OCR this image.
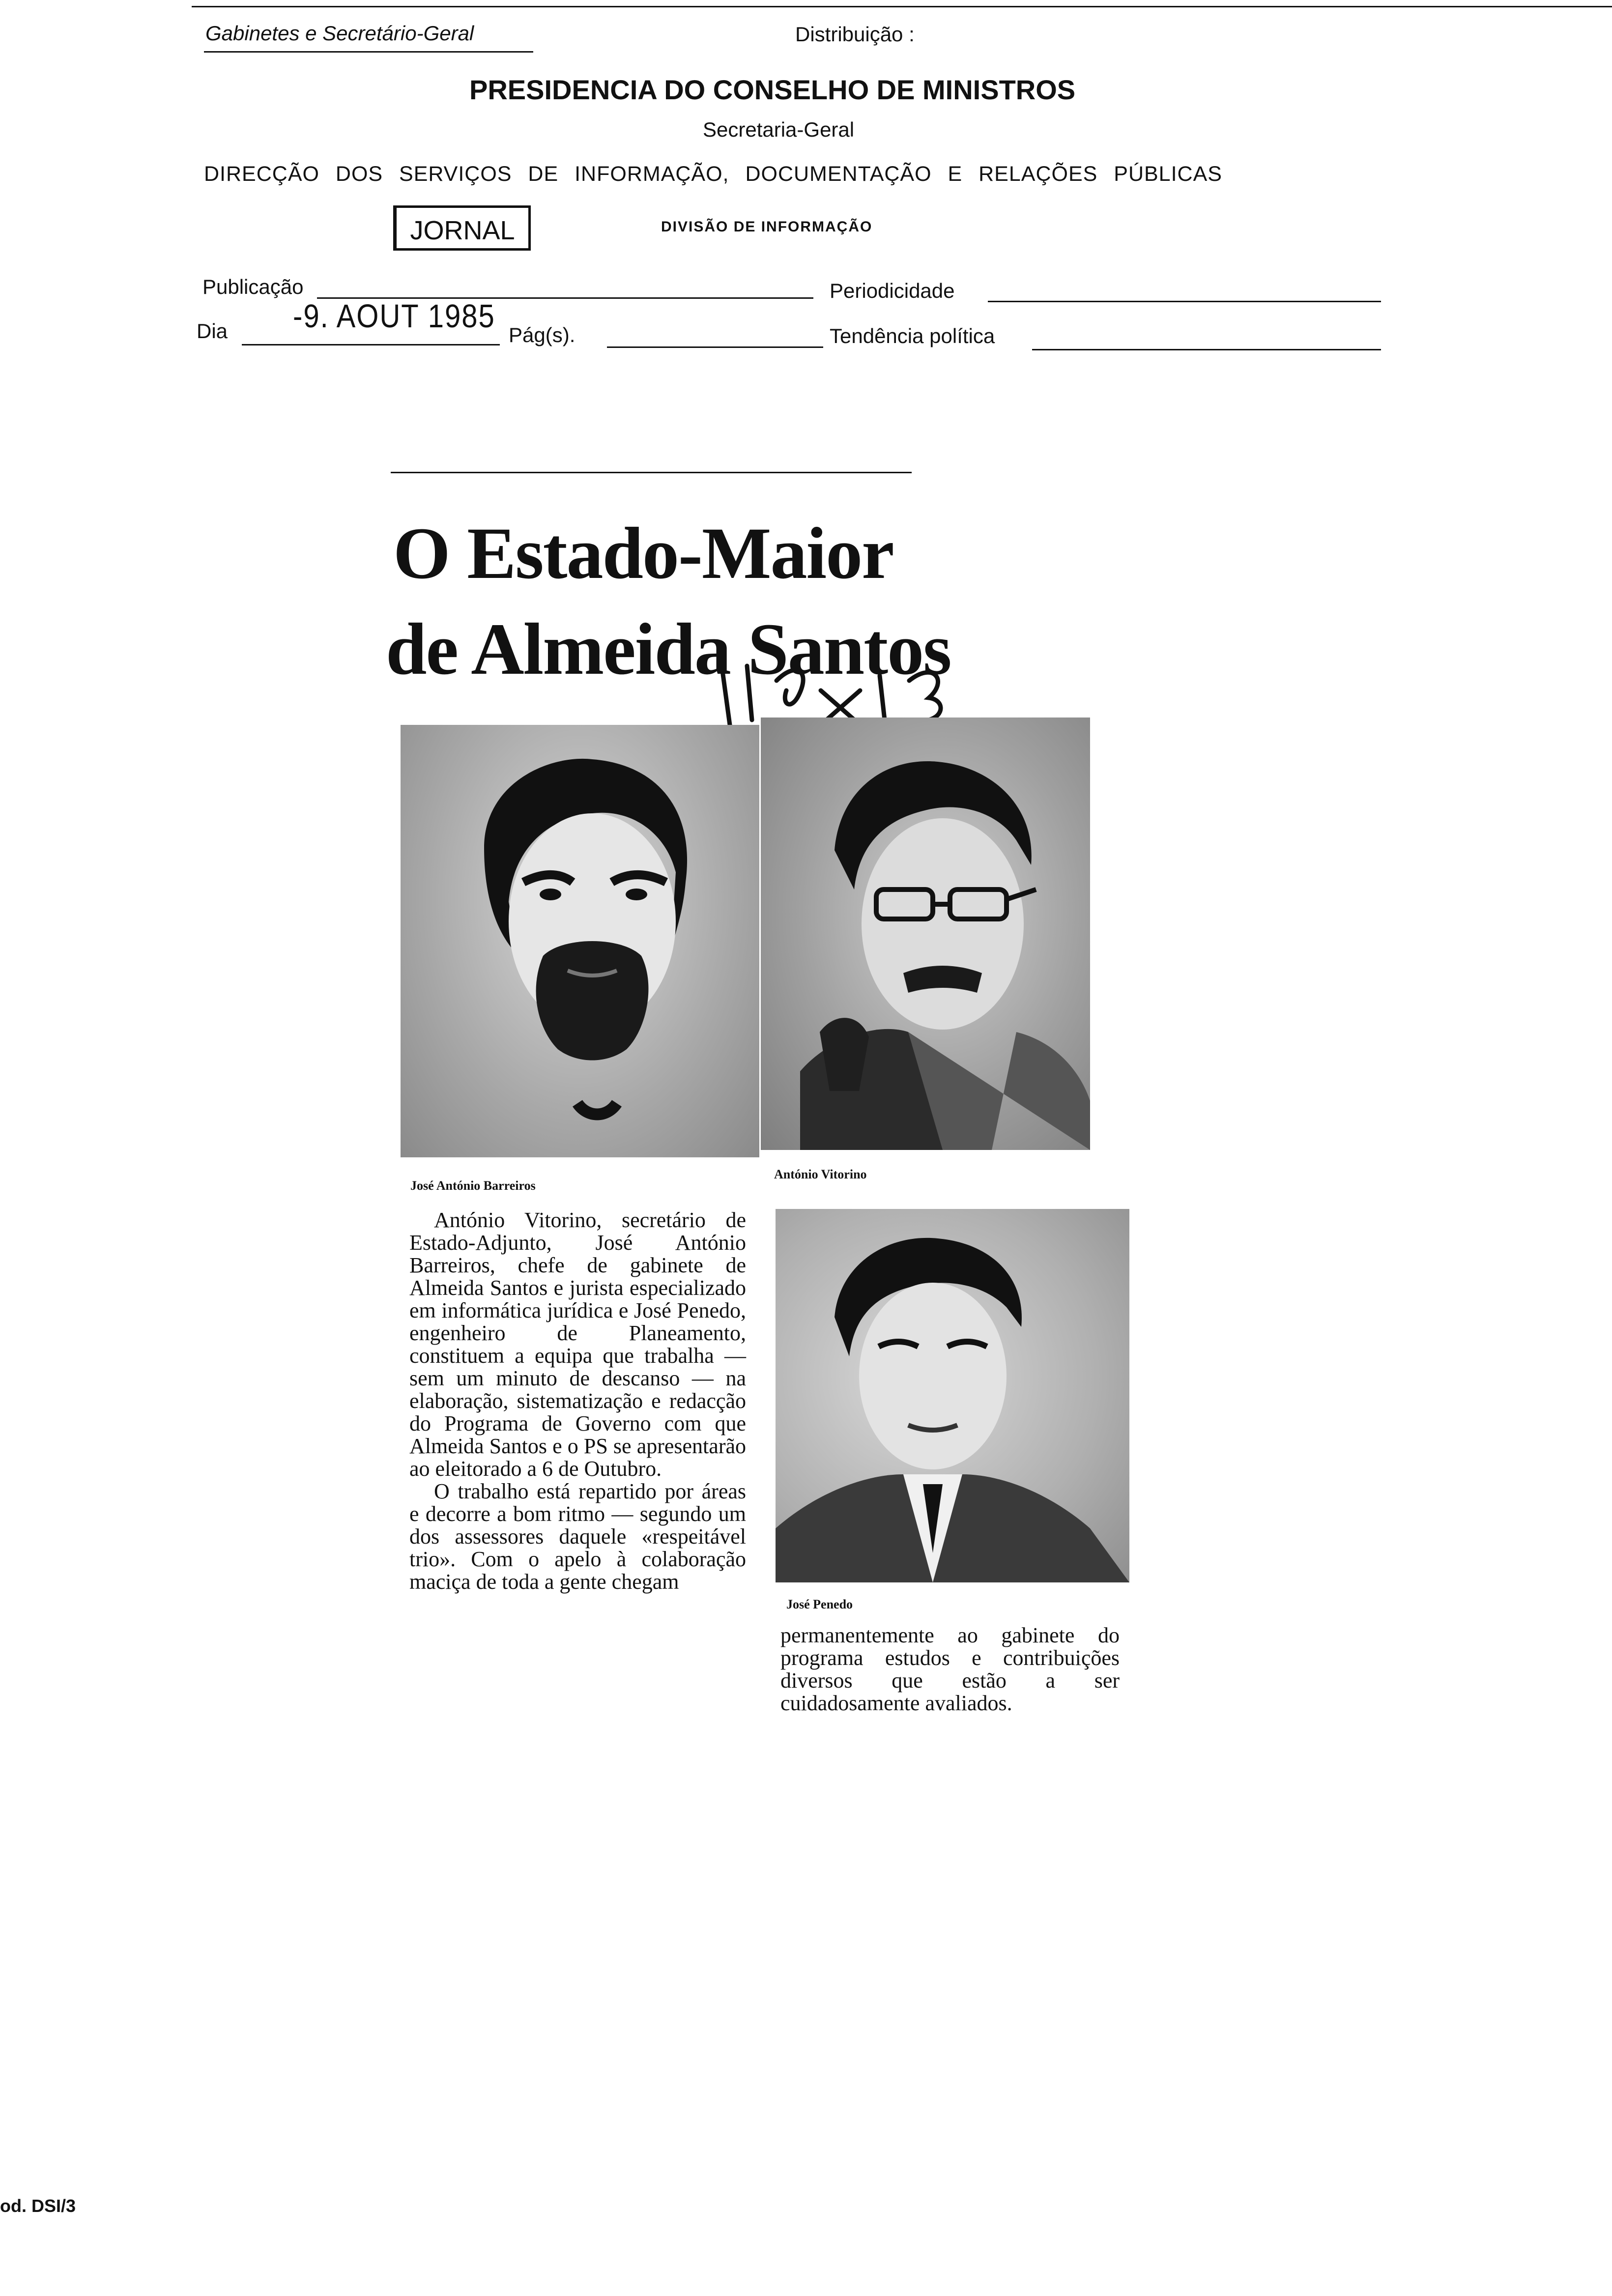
Gabinetes e Secretário-Geral	Distribuição :
PRESIDENCIA DO CONSELHO DE MINISTROS
Secretaria-Geral
DIRECÇÃO DOS SERVIÇOS DE INFORMAÇÃO, DOCUMENTAÇÃO E RELAÇÕES PÚBLICAS
JORNAL	DIVISÃO DE INFORMAÇÃO
Publicação	Periodicidade
Dia -9. AOUT 1985
Pág(s).	Tendência política
O Estado-Maior
de Almeida Santos
José António Barreiros
António Vitorino
José Penedo

António Vitorino, secretário de Estado-Adjunto, José António Barreiros, chefe de gabinete de Almeida Santos e jurista especializado em informática jurídica e José Penedo, engenheiro de Planeamento, constituem a equipa que trabalha — sem um minuto de descanso — na elaboração, sistematização e redacção do Programa de Governo com que Almeida Santos e o PS se apresentarão ao eleitorado a 6 de Outubro.

O trabalho está repartido por áreas e decorre a bom ritmo — segundo um dos assessores daquele «respeitável trio». Com o apelo à colaboração maciça de toda a gente chegam

permanentemente ao gabinete do programa estudos e contribuições diversos que estão a ser cuidadosamente avaliados.

od. DSI/3
